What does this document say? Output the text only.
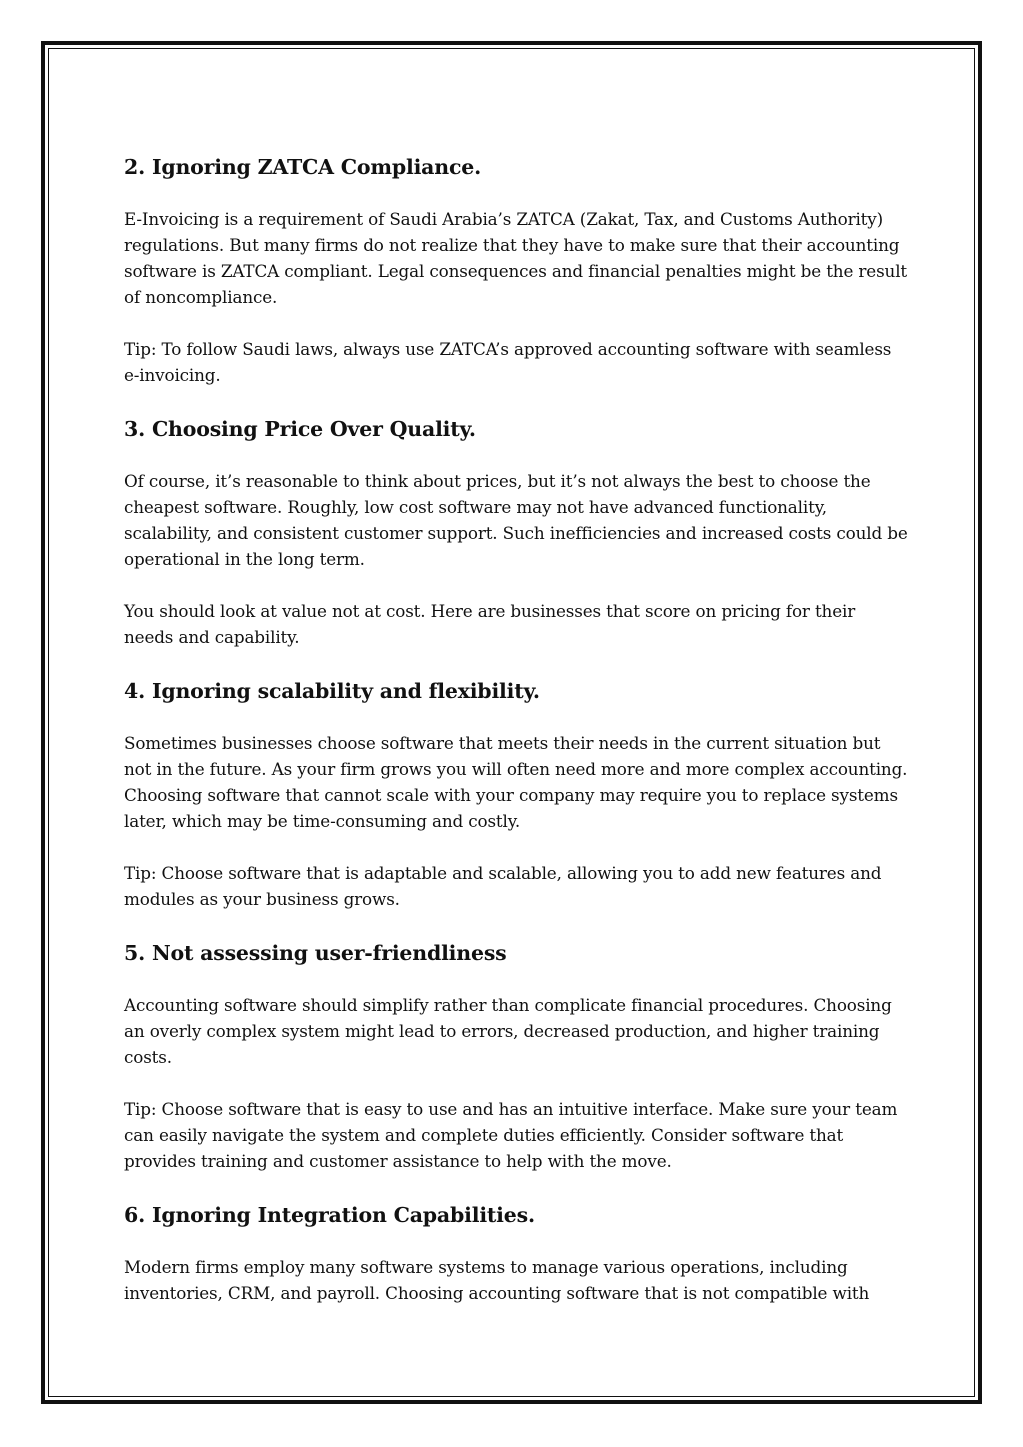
2. Ignoring ZATCA Compliance.

E-Invoicing is a requirement of Saudi Arabia’s ZATCA (Zakat, Tax, and Customs Authority) regulations. But many firms do not realize that they have to make sure that their accounting software is ZATCA compliant. Legal consequences and financial penalties might be the result of noncompliance.

Tip: To follow Saudi laws, always use ZATCA’s approved accounting software with seamless e-invoicing.

3. Choosing Price Over Quality.

Of course, it’s reasonable to think about prices, but it’s not always the best to choose the cheapest software. Roughly, low cost software may not have advanced functionality, scalability, and consistent customer support. Such inefficiencies and increased costs could be operational in the long term.

You should look at value not at cost. Here are businesses that score on pricing for their needs and capability.

4. Ignoring scalability and flexibility.

Sometimes businesses choose software that meets their needs in the current situation but not in the future. As your firm grows you will often need more and more complex accounting. Choosing software that cannot scale with your company may require you to replace systems later, which may be time-consuming and costly.

Tip: Choose software that is adaptable and scalable, allowing you to add new features and modules as your business grows.

5. Not assessing user-friendliness

Accounting software should simplify rather than complicate financial procedures. Choosing an overly complex system might lead to errors, decreased production, and higher training costs.

Tip: Choose software that is easy to use and has an intuitive interface. Make sure your team can easily navigate the system and complete duties efficiently. Consider software that provides training and customer assistance to help with the move.

6. Ignoring Integration Capabilities.

Modern firms employ many software systems to manage various operations, including inventories, CRM, and payroll. Choosing accounting software that is not compatible with
